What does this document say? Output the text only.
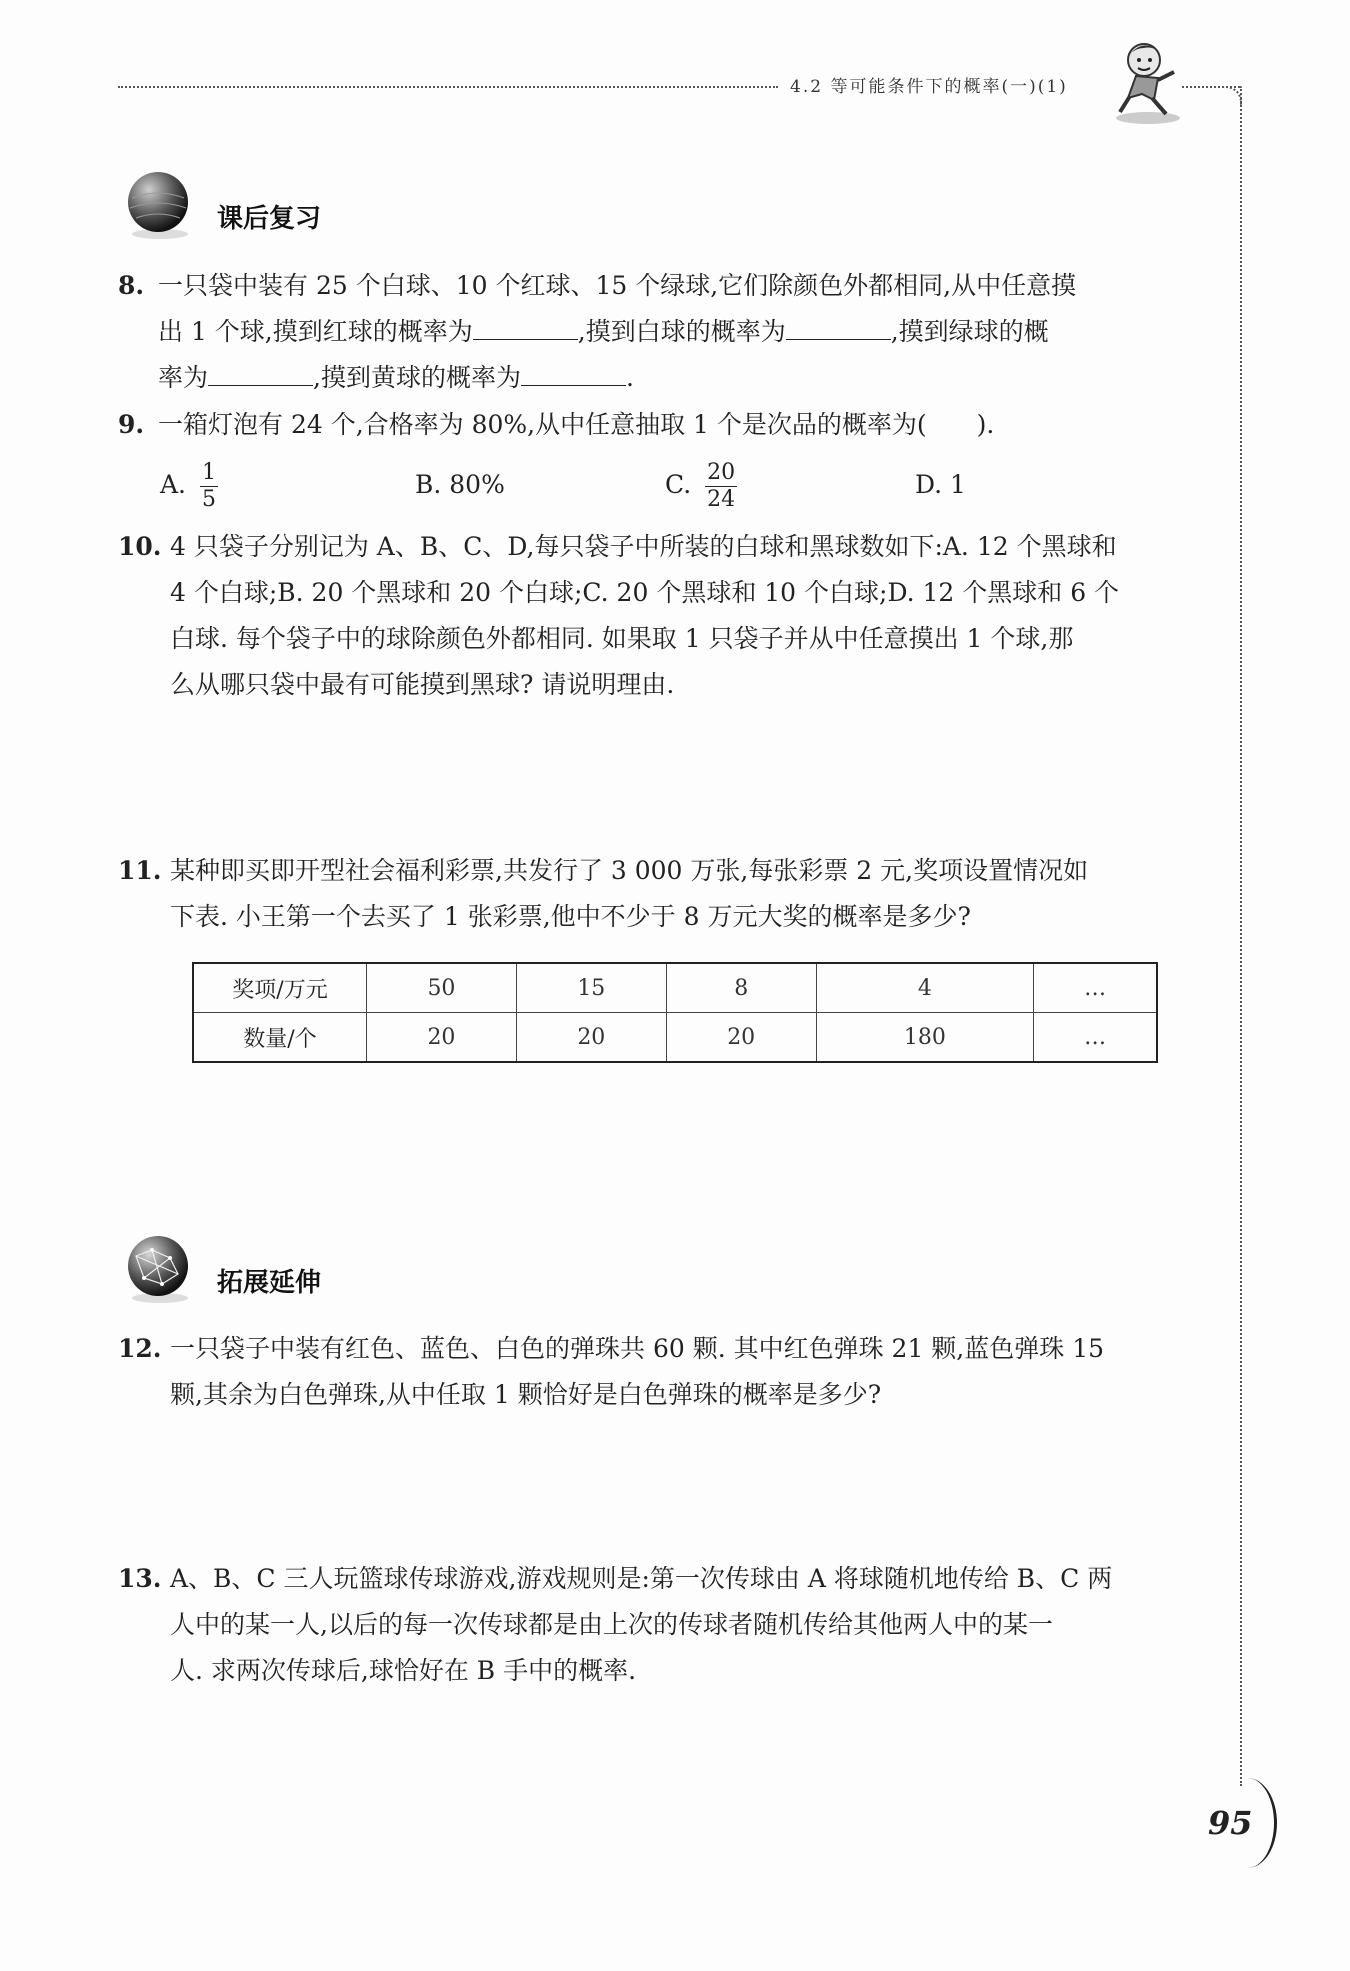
4.2 等可能条件下的概率(一)(1)
课后复习
8. 一只袋中装有 25 个白球、10 个红球、15 个绿球,它们除颜色外都相同,从中任意摸
出 1 个球,摸到红球的概率为	,摸到白球的概率为	,摸到绿球的概
率为	,摸到黄球的概率为	.
9. 一箱灯泡有 24 个,合格率为 80%,从中任意抽取 1 个是次品的概率为(　　).
A. $\frac{1}{5}$	B. 80%	C. $\frac{20}{24}$	D. 1
10. 4 只袋子分别记为 A、B、C、D,每只袋子中所装的白球和黑球数如下:A. 12 个黑球和
4 个白球;B. 20 个黑球和 20 个白球;C. 20 个黑球和 10 个白球;D. 12 个黑球和 6 个
白球. 每个袋子中的球除颜色外都相同. 如果取 1 只袋子并从中任意摸出 1 个球,那
么从哪只袋中最有可能摸到黑球? 请说明理由.
11. 某种即买即开型社会福利彩票,共发行了 3 000 万张,每张彩票 2 元,奖项设置情况如
下表. 小王第一个去买了 1 张彩票,他中不少于 8 万元大奖的概率是多少?
奖项/万元	50	15	8	4	…
数量/个	20	20	20	180	…
拓展延伸
12. 一只袋子中装有红色、蓝色、白色的弹珠共 60 颗. 其中红色弹珠 21 颗,蓝色弹珠 15
颗,其余为白色弹珠,从中任取 1 颗恰好是白色弹珠的概率是多少?
13. A、B、C 三人玩篮球传球游戏,游戏规则是:第一次传球由 A 将球随机地传给 B、C 两
人中的某一人,以后的每一次传球都是由上次的传球者随机传给其他两人中的某一
人. 求两次传球后,球恰好在 B 手中的概率.
95
